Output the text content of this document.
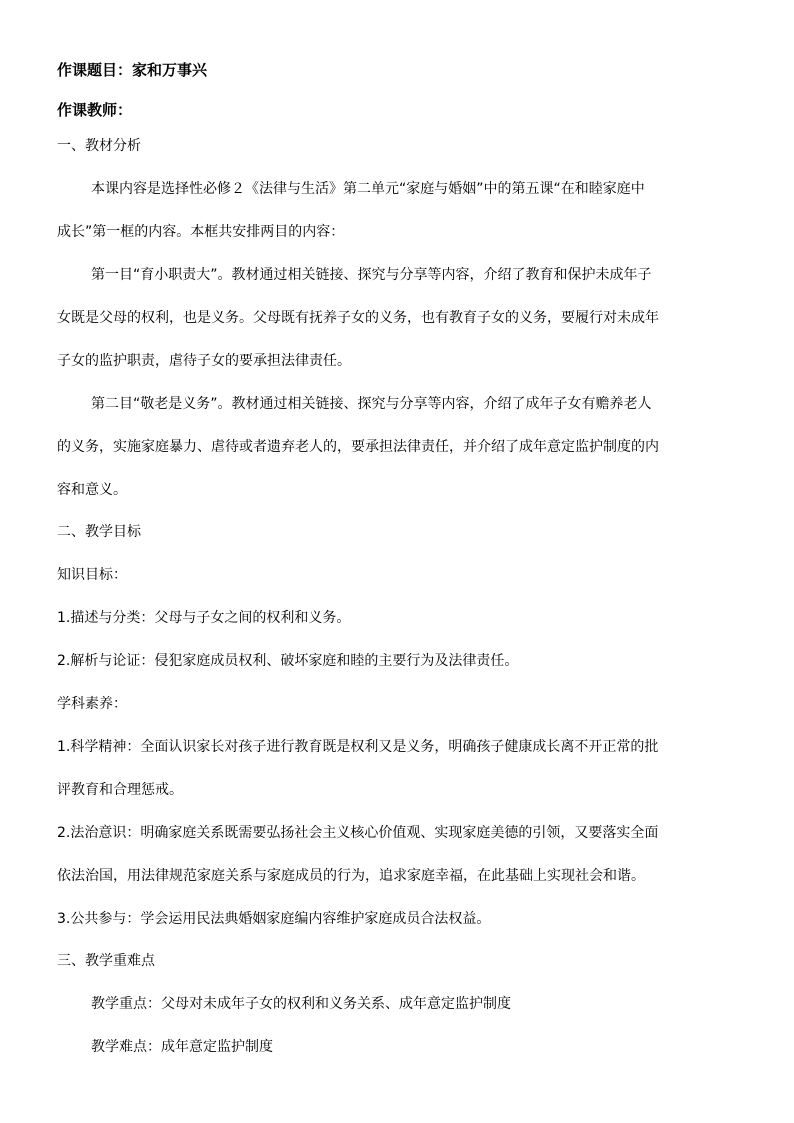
作课题目：家和万事兴
作课教师：
一、教材分析
本课内容是选择性必修２《法律与生活》第二单元“家庭与婚姻”中的第五课“在和睦家庭中
成长”第一框的内容。本框共安排两目的内容：
第一目“育小职责大”。教材通过相关链接、探究与分享等内容，介绍了教育和保护未成年子
女既是父母的权利，也是义务。父母既有抚养子女的义务，也有教育子女的义务，要履行对未成年
子女的监护职责，虐待子女的要承担法律责任。
第二目“敬老是义务”。教材通过相关链接、探究与分享等内容，介绍了成年子女有赡养老人
的义务，实施家庭暴力、虐待或者遗弃老人的，要承担法律责任，并介绍了成年意定监护制度的内
容和意义。
二、教学目标
知识目标：
1.描述与分类：父母与子女之间的权利和义务。
2.解析与论证：侵犯家庭成员权利、破坏家庭和睦的主要行为及法律责任。
学科素养：
1.科学精神：全面认识家长对孩子进行教育既是权利又是义务，明确孩子健康成长离不开正常的批
评教育和合理惩戒。
2.法治意识：明确家庭关系既需要弘扬社会主义核心价值观、实现家庭美德的引领，又要落实全面
依法治国，用法律规范家庭关系与家庭成员的行为，追求家庭幸福，在此基础上实现社会和谐。
3.公共参与：学会运用民法典婚姻家庭编内容维护家庭成员合法权益。
三、教学重难点
教学重点：父母对未成年子女的权利和义务关系、成年意定监护制度
教学难点：成年意定监护制度
